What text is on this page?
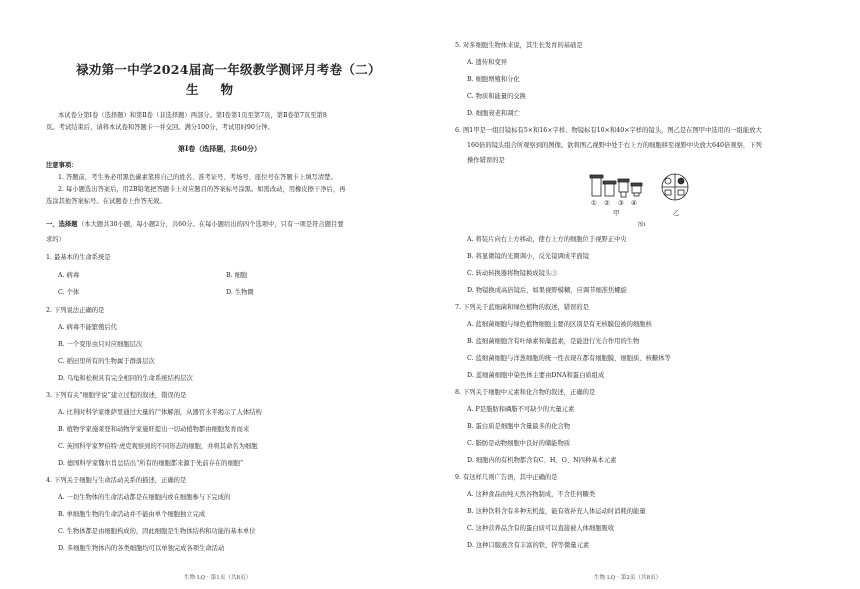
禄劝第一中学2024届高一年级教学测评月考卷（二）
生物
本试卷分第Ⅰ卷（选择题）和第Ⅱ卷（非选择题）两部分。第Ⅰ卷第1页至第7页，第Ⅱ卷第7页至第8
页。考试结束后，请将本试卷和答题卡一并交回。满分100分，考试用时90分钟。
第Ⅰ卷（选择题，共60分）
注意事项：
1. 答题前，考生务必用黑色碳素笔将自己的姓名、准考证号、考场号、座位号在答题卡上填写清楚。
2. 每小题选出答案后，用2B铅笔把答题卡上对应题目的答案标号涂黑。如需改动，用橡皮擦干净后，再
选涂其他答案标号。在试题卷上作答无效。
一、选择题 （本大题共30小题，每小题2分，共60分。在每小题给出的四个选项中，只有一项是符合题目要
求的）
1. 最基本的生命系统是
A. 病毒	B. 细胞
C. 个体	D. 生物圈
2. 下列说法正确的是
A. 病毒不能繁殖后代
B. 一个变形虫只对应细胞层次
C. 稻田里所有的生物属于群落层次
D. 乌龟和松树具有完全相同的生命系统结构层次
3. 下列有关“细胞学说”建立过程的叙述，错误的是
A. 比利时科学家维萨里通过大量的尸体解剖，从器官水平揭示了人体结构
B. 植物学家施莱登和动物学家施旺提出一切动植物都由细胞发育而来
C. 英国科学家罗伯特·虎克观察到的不同形态的细胞，并将其命名为细胞
D. 德国科学家魏尔肖总结出“所有的细胞都来源于先前存在的细胞”
4. 下列关于细胞与生命活动关系的描述，正确的是
A. 一切生物体的生命活动都是在细胞内或在细胞参与下完成的
B. 单细胞生物的生命活动并不能由单个细胞独立完成
C. 生物体都是由细胞构成的，因此细胞是生物体结构和功能的基本单位
D. 多细胞生物体内的各类细胞均可以单独完成各项生命活动
生物 LQ · 第1页（共8页）
5. 对多细胞生物体来说，其生长发育的基础是
A. 遗传和变异
B. 细胞增殖和分化
C. 物质和能量的交换
D. 细胞衰老和凋亡
6. 图1甲是一组目镜标有5×和16×字样、物镜标有10×和40×字样的镜头，图乙是在图甲中选用的一组能放大
160倍的镜头组合所观察到的图像。欲将图乙视野中处于右上方的细胞移至视野中央放大640倍观察，下列
操作错误的是
① ② ③ ④
甲	乙
图1
A. 将装片向右上方移动，使右上方的细胞位于视野正中央
B. 将显微镜的光圈调小，反光镜调成平面镜
C. 转动转换器将物镜换成镜头③
D. 物镜换成高倍镜后，如果视野模糊，应调节细准焦螺旋
7. 下列关于蓝细菌和绿色植物的叙述，错误的是
A. 蓝细菌细胞与绿色植物细胞主要的区别是有无核膜包被的细胞核
B. 蓝细菌细胞含有叶绿素和藻蓝素，是能进行光合作用的生物
C. 蓝细菌细胞与洋葱细胞的统一性表现在都有细胞膜、细胞质、核糖体等
D. 蓝细菌细胞中染色体主要由DNA和蛋白质组成
8. 下列关于细胞中元素和化合物的叙述，正确的是
A. P是脂肪和磷脂不可缺少的大量元素
B. 蛋白质是细胞中含量最多的化合物
C. 脂肪是动物细胞中良好的储能物质
D. 细胞内的有机物都含有C、H、O、N四种基本元素
9. 有这样几则广告语，其中正确的是
A. 这种食品由纯天然谷物制成，不含任何糖类
B. 这种饮料含有多种无机盐，能有效补充人体运动时消耗的能量
C. 这种营养品含有的蛋白质可以直接被人体细胞吸收
D. 这种口服液含有丰富的铁、锌等微量元素
生物 LQ · 第2页（共8页）
